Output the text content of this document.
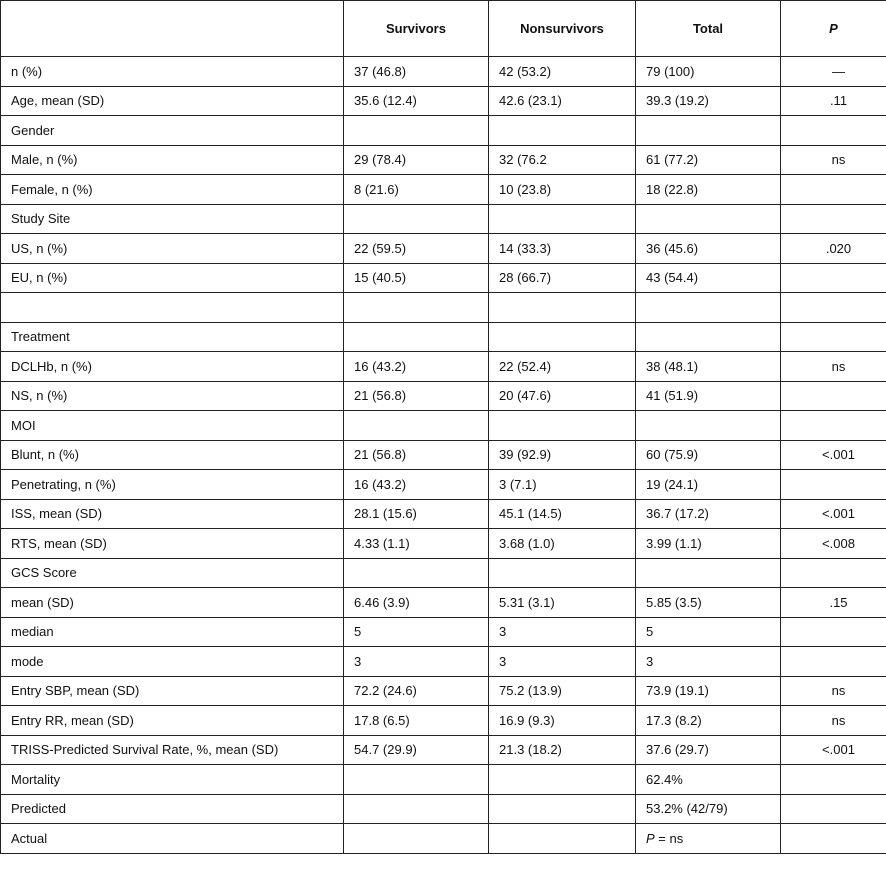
	Survivors	Nonsurvivors	Total	P
n (%)	37 (46.8)	42 (53.2)	79 (100)	—
Age, mean (SD)	35.6 (12.4)	42.6 (23.1)	39.3 (19.2)	.11
Gender				
Male, n (%)	29 (78.4)	32 (76.2	61 (77.2)	ns
Female, n (%)	8 (21.6)	10 (23.8)	18 (22.8)	
Study Site				
US, n (%)	22 (59.5)	14 (33.3)	36 (45.6)	.020
EU, n (%)	15 (40.5)	28 (66.7)	43 (54.4)	

Treatment				
DCLHb, n (%)	16 (43.2)	22 (52.4)	38 (48.1)	ns
NS, n (%)	21 (56.8)	20 (47.6)	41 (51.9)	
MOI				
Blunt, n (%)	21 (56.8)	39 (92.9)	60 (75.9)	<.001
Penetrating, n (%)	16 (43.2)	3 (7.1)	19 (24.1)	
ISS, mean (SD)	28.1 (15.6)	45.1 (14.5)	36.7 (17.2)	<.001
RTS, mean (SD)	4.33 (1.1)	3.68 (1.0)	3.99 (1.1)	<.008
GCS Score				
mean (SD)	6.46 (3.9)	5.31 (3.1)	5.85 (3.5)	.15
median	5	3	5	
mode	3	3	3	
Entry SBP, mean (SD)	72.2 (24.6)	75.2 (13.9)	73.9 (19.1)	ns
Entry RR, mean (SD)	17.8 (6.5)	16.9 (9.3)	17.3 (8.2)	ns
TRISS-Predicted Survival Rate, %, mean (SD)	54.7 (29.9)	21.3 (18.2)	37.6 (29.7)	<.001
Mortality			62.4%	
Predicted			53.2% (42/79)	
Actual			P = ns	
